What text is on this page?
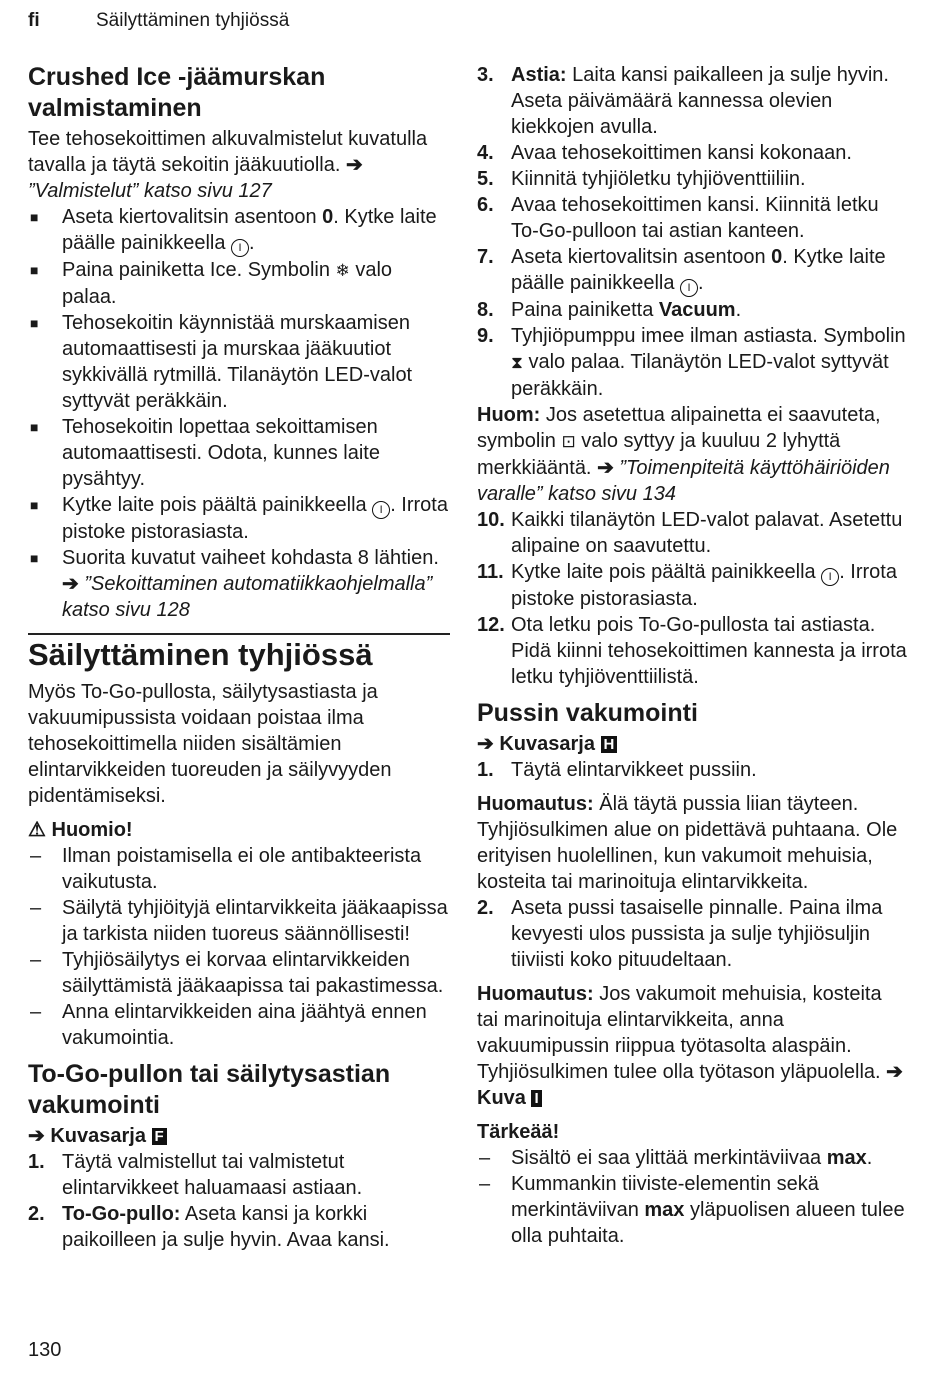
fi	Säilyttäminen tyhjiössä
Crushed Ice -jäämurskan valmistaminen

Tee tehosekoittimen alkuvalmistelut kuvatulla tavalla ja täytä sekoitin jääkuutiolla. ➔ ”Valmistelut” katso sivu 127

■ Aseta kiertovalitsin asentoon 0. Kytke laite päälle painikkeella I .
■ Paina painiketta Ice. Symbolin ❄ valo palaa.
■ Tehosekoitin käynnistää murskaamisen automaattisesti ja murskaa jääkuutiot sykkivällä rytmillä. Tilanäytön LED-valot syttyvät peräkkäin.
■ Tehosekoitin lopettaa sekoittamisen automaattisesti. Odota, kunnes laite pysähtyy.
■ Kytke laite pois päältä painikkeella I . Irrota pistoke pistorasiasta.
■ Suorita kuvatut vaiheet kohdasta 8 lähtien. ➔ ”Sekoittaminen automatiikkaohjelmalla” katso sivu 128
Säilyttäminen tyhjiössä

Myös To-Go-pullosta, säilytysastiasta ja vakuumipussista voidaan poistaa ilma tehosekoittimella niiden sisältämien elintarvikkeiden tuoreuden ja säilyvyyden pidentämiseksi.

⚠ Huomio!

– Ilman poistamisella ei ole antibakteerista vaikutusta.
– Säilytä tyhjiöityjä elintarvikkeita jääkaapissa ja tarkista niiden tuoreus säännöllisesti!
– Tyhjiösäilytys ei korvaa elintarvikkeiden säilyttämistä jääkaapissa tai pakastimessa.
– Anna elintarvikkeiden aina jäähtyä ennen vakumointia.
To-Go-pullon tai säilytysastian vakumointi

➔ Kuvasarja F

1. Täytä valmistellut tai valmistetut elintarvikkeet haluamaasi astiaan.
2. To-Go-pullo: Aseta kansi ja korkki paikoilleen ja sulje hyvin. Avaa kansi.
3. Astia: Laita kansi paikalleen ja sulje hyvin. Aseta päivämäärä kannessa olevien kiekkojen avulla.
4. Avaa tehosekoittimen kansi kokonaan.
5. Kiinnitä tyhjiöletku tyhjiöventtiiliin.
6. Avaa tehosekoittimen kansi. Kiinnitä letku To-Go-pulloon tai astian kanteen.
7. Aseta kiertovalitsin asentoon 0. Kytke laite päälle painikkeella I .
8. Paina painiketta Vacuum.
9. Tyhjiöpumppu imee ilman astiasta. Symbolin ⧗ valo palaa. Tilanäytön LED-valot syttyvät peräkkäin.

Huom: Jos asetettua alipainetta ei saavuteta, symbolin ⊡ valo syttyy ja kuuluu 2 lyhyttä merkkiääntä. ➔ ”Toimenpiteitä käyttöhäiriöiden varalle” katso sivu 134

10. Kaikki tilanäytön LED-valot palavat. Asetettu alipaine on saavutettu.
11. Kytke laite pois päältä painikkeella I . Irrota pistoke pistorasiasta.
12. Ota letku pois To-Go-pullosta tai astiasta. Pidä kiinni tehosekoittimen kannesta ja irrota letku tyhjiöventtiilistä.
Pussin vakumointi

➔ Kuvasarja H

1. Täytä elintarvikkeet pussiin.

Huomautus: Älä täytä pussia liian täyteen. Tyhjiösulkimen alue on pidettävä puhtaana. Ole erityisen huolellinen, kun vakumoit mehuisia, kosteita tai marinoituja elintarvikkeita.

2. Aseta pussi tasaiselle pinnalle. Paina ilma kevyesti ulos pussista ja sulje tyhjiösuljin tiiviisti koko pituudeltaan.

Huomautus: Jos vakumoit mehuisia, kosteita tai marinoituja elintarvikkeita, anna vakuumipussin riippua työtasolta alaspäin. Tyhjiösulkimen tulee olla työtason yläpuolella. ➔ Kuva I

Tärkeää!

– Sisältö ei saa ylittää merkintäviivaa max.
– Kummankin tiiviste-elementin sekä merkintäviivan max yläpuolisen alueen tulee olla puhtaita.
130
